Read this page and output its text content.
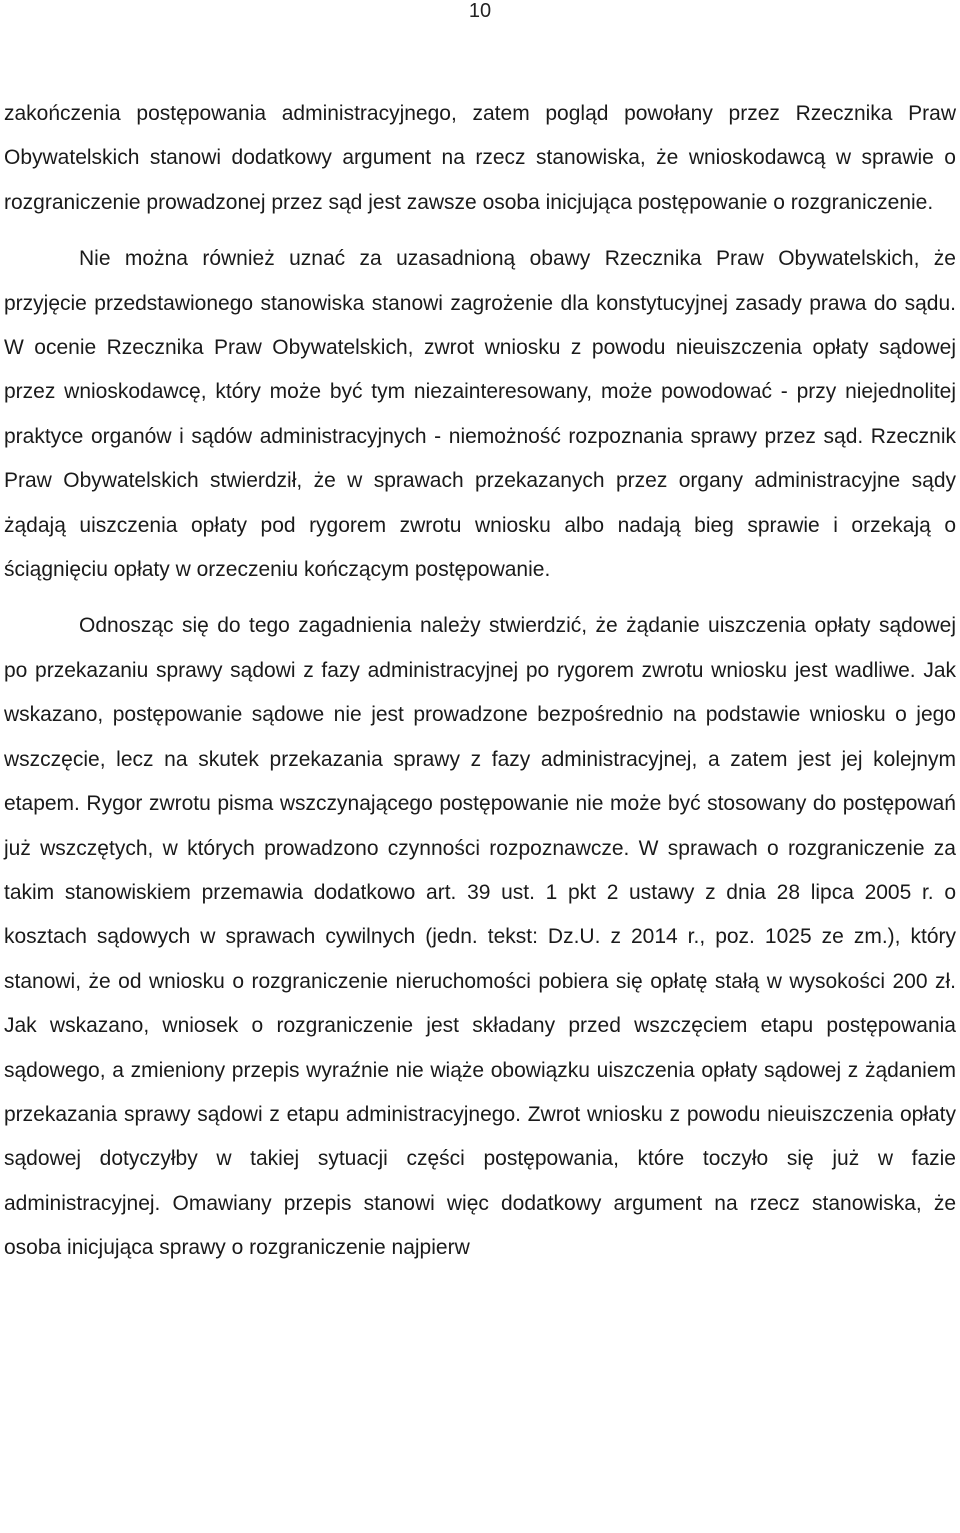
10

zakończenia postępowania administracyjnego, zatem pogląd powołany przez Rzecznika Praw Obywatelskich stanowi dodatkowy argument na rzecz stanowiska, że wnioskodawcą w sprawie o rozgraniczenie prowadzonej przez sąd jest zawsze osoba inicjująca postępowanie o rozgraniczenie.

Nie można również uznać za uzasadnioną obawy Rzecznika Praw Obywatelskich, że przyjęcie przedstawionego stanowiska stanowi zagrożenie dla konstytucyjnej zasady prawa do sądu. W ocenie Rzecznika Praw Obywatelskich, zwrot wniosku z powodu nieuiszczenia opłaty sądowej przez wnioskodawcę, który może być tym niezainteresowany, może powodować - przy niejednolitej praktyce organów i sądów administracyjnych - niemożność rozpoznania sprawy przez sąd. Rzecznik Praw Obywatelskich stwierdził, że w sprawach przekazanych przez organy administracyjne sądy żądają uiszczenia opłaty pod rygorem zwrotu wniosku albo nadają bieg sprawie i orzekają o ściągnięciu opłaty w orzeczeniu kończącym postępowanie.

Odnosząc się do tego zagadnienia należy stwierdzić, że żądanie uiszczenia opłaty sądowej po przekazaniu sprawy sądowi z fazy administracyjnej po rygorem zwrotu wniosku jest wadliwe. Jak wskazano, postępowanie sądowe nie jest prowadzone bezpośrednio na podstawie wniosku o jego wszczęcie, lecz na skutek przekazania sprawy z fazy administracyjnej, a zatem jest jej kolejnym etapem. Rygor zwrotu pisma wszczynającego postępowanie nie może być stosowany do postępowań już wszczętych, w których prowadzono czynności rozpoznawcze. W sprawach o rozgraniczenie za takim stanowiskiem przemawia dodatkowo art. 39 ust. 1 pkt 2 ustawy z dnia 28 lipca 2005 r. o kosztach sądowych w sprawach cywilnych (jedn. tekst: Dz.U. z 2014 r., poz. 1025 ze zm.), który stanowi, że od wniosku o rozgraniczenie nieruchomości pobiera się opłatę stałą w wysokości 200 zł. Jak wskazano, wniosek o rozgraniczenie jest składany przed wszczęciem etapu postępowania sądowego, a zmieniony przepis wyraźnie nie wiąże obowiązku uiszczenia opłaty sądowej z żądaniem przekazania sprawy sądowi z etapu administracyjnego. Zwrot wniosku z powodu nieuiszczenia opłaty sądowej dotyczyłby w takiej sytuacji części postępowania, które toczyło się już w fazie administracyjnej. Omawiany przepis stanowi więc dodatkowy argument na rzecz stanowiska, że osoba inicjująca sprawy o rozgraniczenie najpierw
